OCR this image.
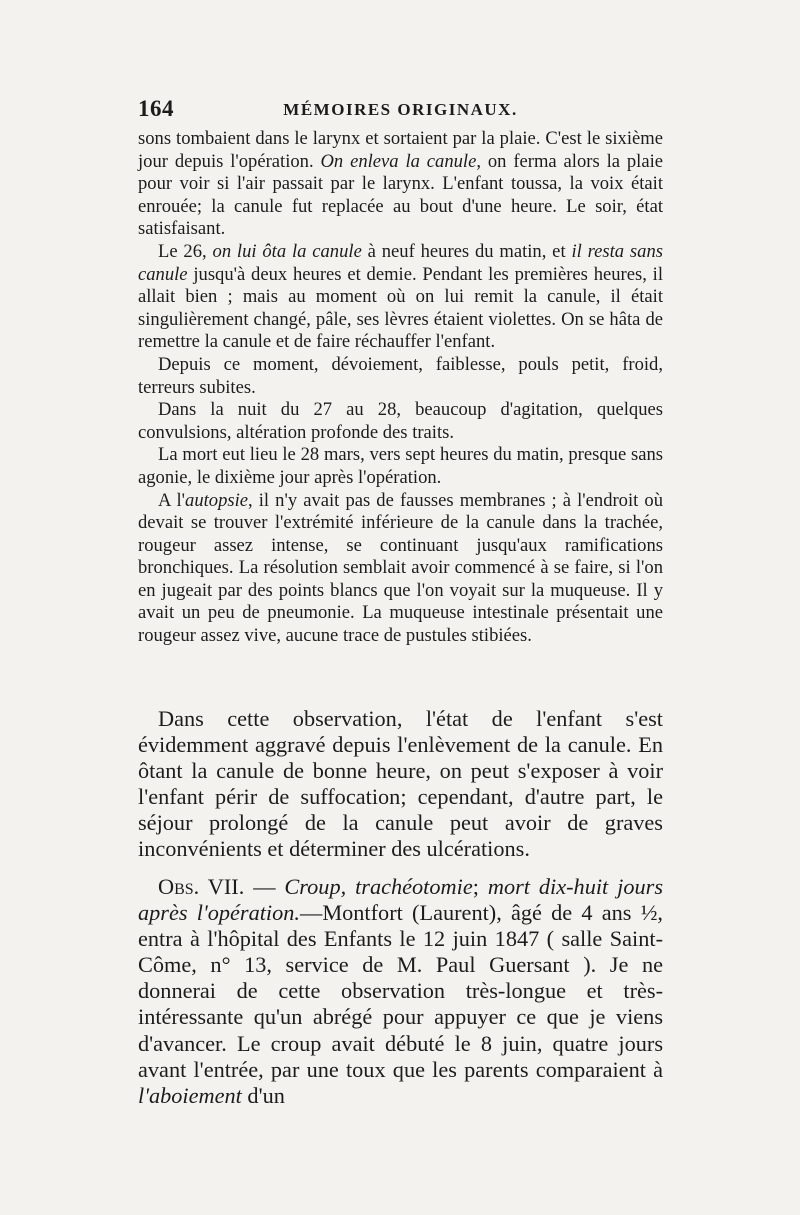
164	MÉMOIRES ORIGINAUX.

sons tombaient dans le larynx et sortaient par la plaie. C'est le sixième jour depuis l'opération. On enleva la canule, on ferma alors la plaie pour voir si l'air passait par le larynx. L'enfant toussa, la voix était enrouée; la canule fut replacée au bout d'une heure. Le soir, état satisfaisant.

Le 26, on lui ôta la canule à neuf heures du matin, et il resta sans canule jusqu'à deux heures et demie. Pendant les premières heures, il allait bien ; mais au moment où on lui remit la canule, il était singulièrement changé, pâle, ses lèvres étaient violettes. On se hâta de remettre la canule et de faire réchauffer l'enfant.

Depuis ce moment, dévoiement, faiblesse, pouls petit, froid, terreurs subites.

Dans la nuit du 27 au 28, beaucoup d'agitation, quelques convulsions, altération profonde des traits.

La mort eut lieu le 28 mars, vers sept heures du matin, presque sans agonie, le dixième jour après l'opération.

A l'autopsie, il n'y avait pas de fausses membranes ; à l'endroit où devait se trouver l'extrémité inférieure de la canule dans la trachée, rougeur assez intense, se continuant jusqu'aux ramifications bronchiques. La résolution semblait avoir commencé à se faire, si l'on en jugeait par des points blancs que l'on voyait sur la muqueuse. Il y avait un peu de pneumonie. La muqueuse intestinale présentait une rougeur assez vive, aucune trace de pustules stibiées.

Dans cette observation, l'état de l'enfant s'est évidemment aggravé depuis l'enlèvement de la canule. En ôtant la canule de bonne heure, on peut s'exposer à voir l'enfant périr de suffocation; cependant, d'autre part, le séjour prolongé de la canule peut avoir de graves inconvénients et déterminer des ulcérations.

Obs. VII. — Croup, trachéotomie; mort dix-huit jours après l'opération.—Montfort (Laurent), âgé de 4 ans ½, entra à l'hôpital des Enfants le 12 juin 1847 ( salle Saint-Côme, n° 13, service de M. Paul Guersant ). Je ne donnerai de cette observation très-longue et très-intéressante qu'un abrégé pour appuyer ce que je viens d'avancer. Le croup avait débuté le 8 juin, quatre jours avant l'entrée, par une toux que les parents comparaient à l'aboiement d'un
